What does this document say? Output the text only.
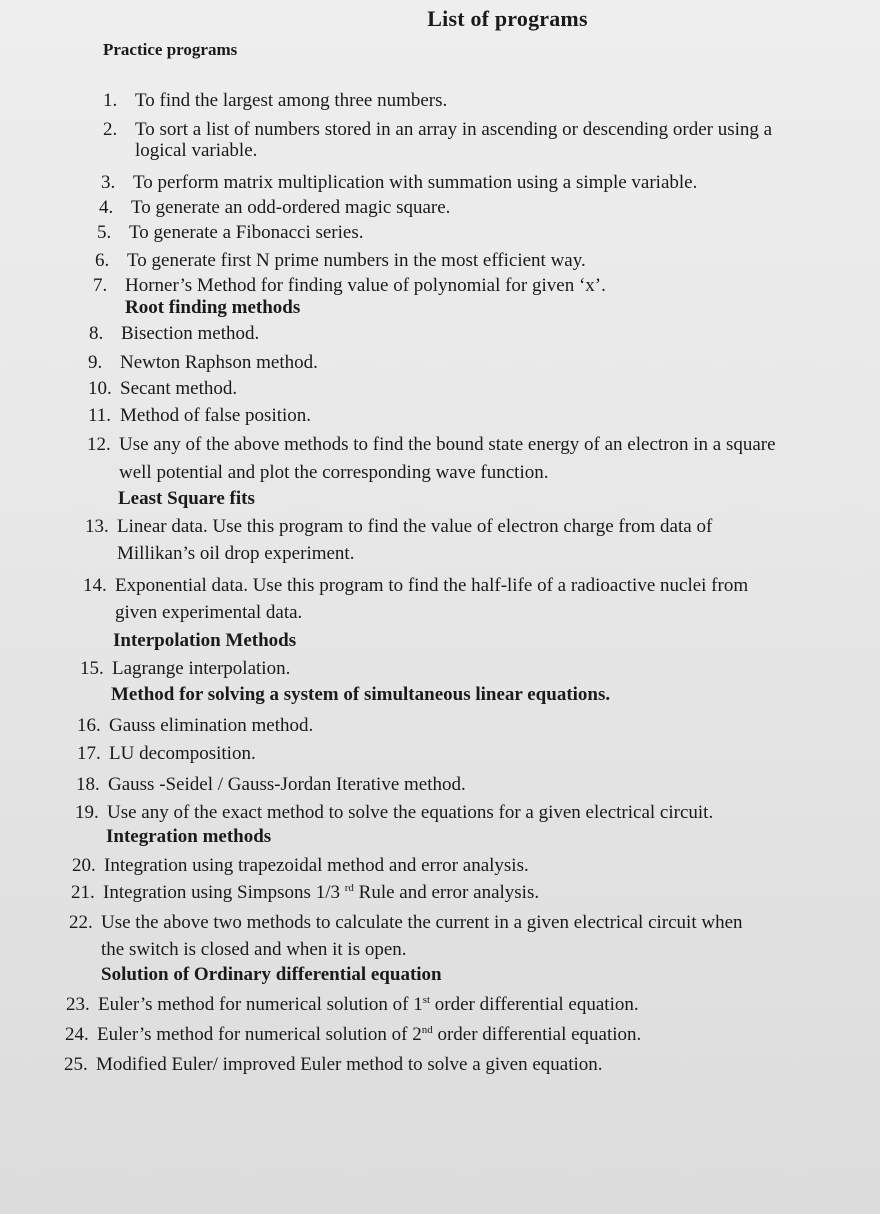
List of programs
Practice programs
1. To find the largest among three numbers.
2. To sort a list of numbers stored in an array in ascending or descending order using a
logical variable.
3. To perform matrix multiplication with summation using a simple variable.
4. To generate an odd-ordered magic square.
5. To generate a Fibonacci series.
6. To generate first N prime numbers in the most efficient way.
7. Horner’s Method for finding value of polynomial for given ‘x’.
Root finding methods
8. Bisection method.
9. Newton Raphson method.
10. Secant method.
11. Method of false position.
12. Use any of the above methods to find the bound state energy of an electron in a square
well potential and plot the corresponding wave function.
Least Square fits
13. Linear data. Use this program to find the value of electron charge from data of
Millikan’s oil drop experiment.
14. Exponential data. Use this program to find the half-life of a radioactive nuclei from
given experimental data.
Interpolation Methods
15. Lagrange interpolation.
Method for solving a system of simultaneous linear equations.
16. Gauss elimination method.
17. LU decomposition.
18. Gauss -Seidel / Gauss-Jordan Iterative method.
19. Use any of the exact method to solve the equations for a given electrical circuit.
Integration methods
20. Integration using trapezoidal method and error analysis.
21. Integration using Simpsons 1/3 $^{rd}$ Rule and error analysis.
22. Use the above two methods to calculate the current in a given electrical circuit when
the switch is closed and when it is open.
Solution of Ordinary differential equation
23. Euler’s method for numerical solution of 1st order differential equation.
24. Euler’s method for numerical solution of 2nd order differential equation.
25. Modified Euler/ improved Euler method to solve a given equation.
